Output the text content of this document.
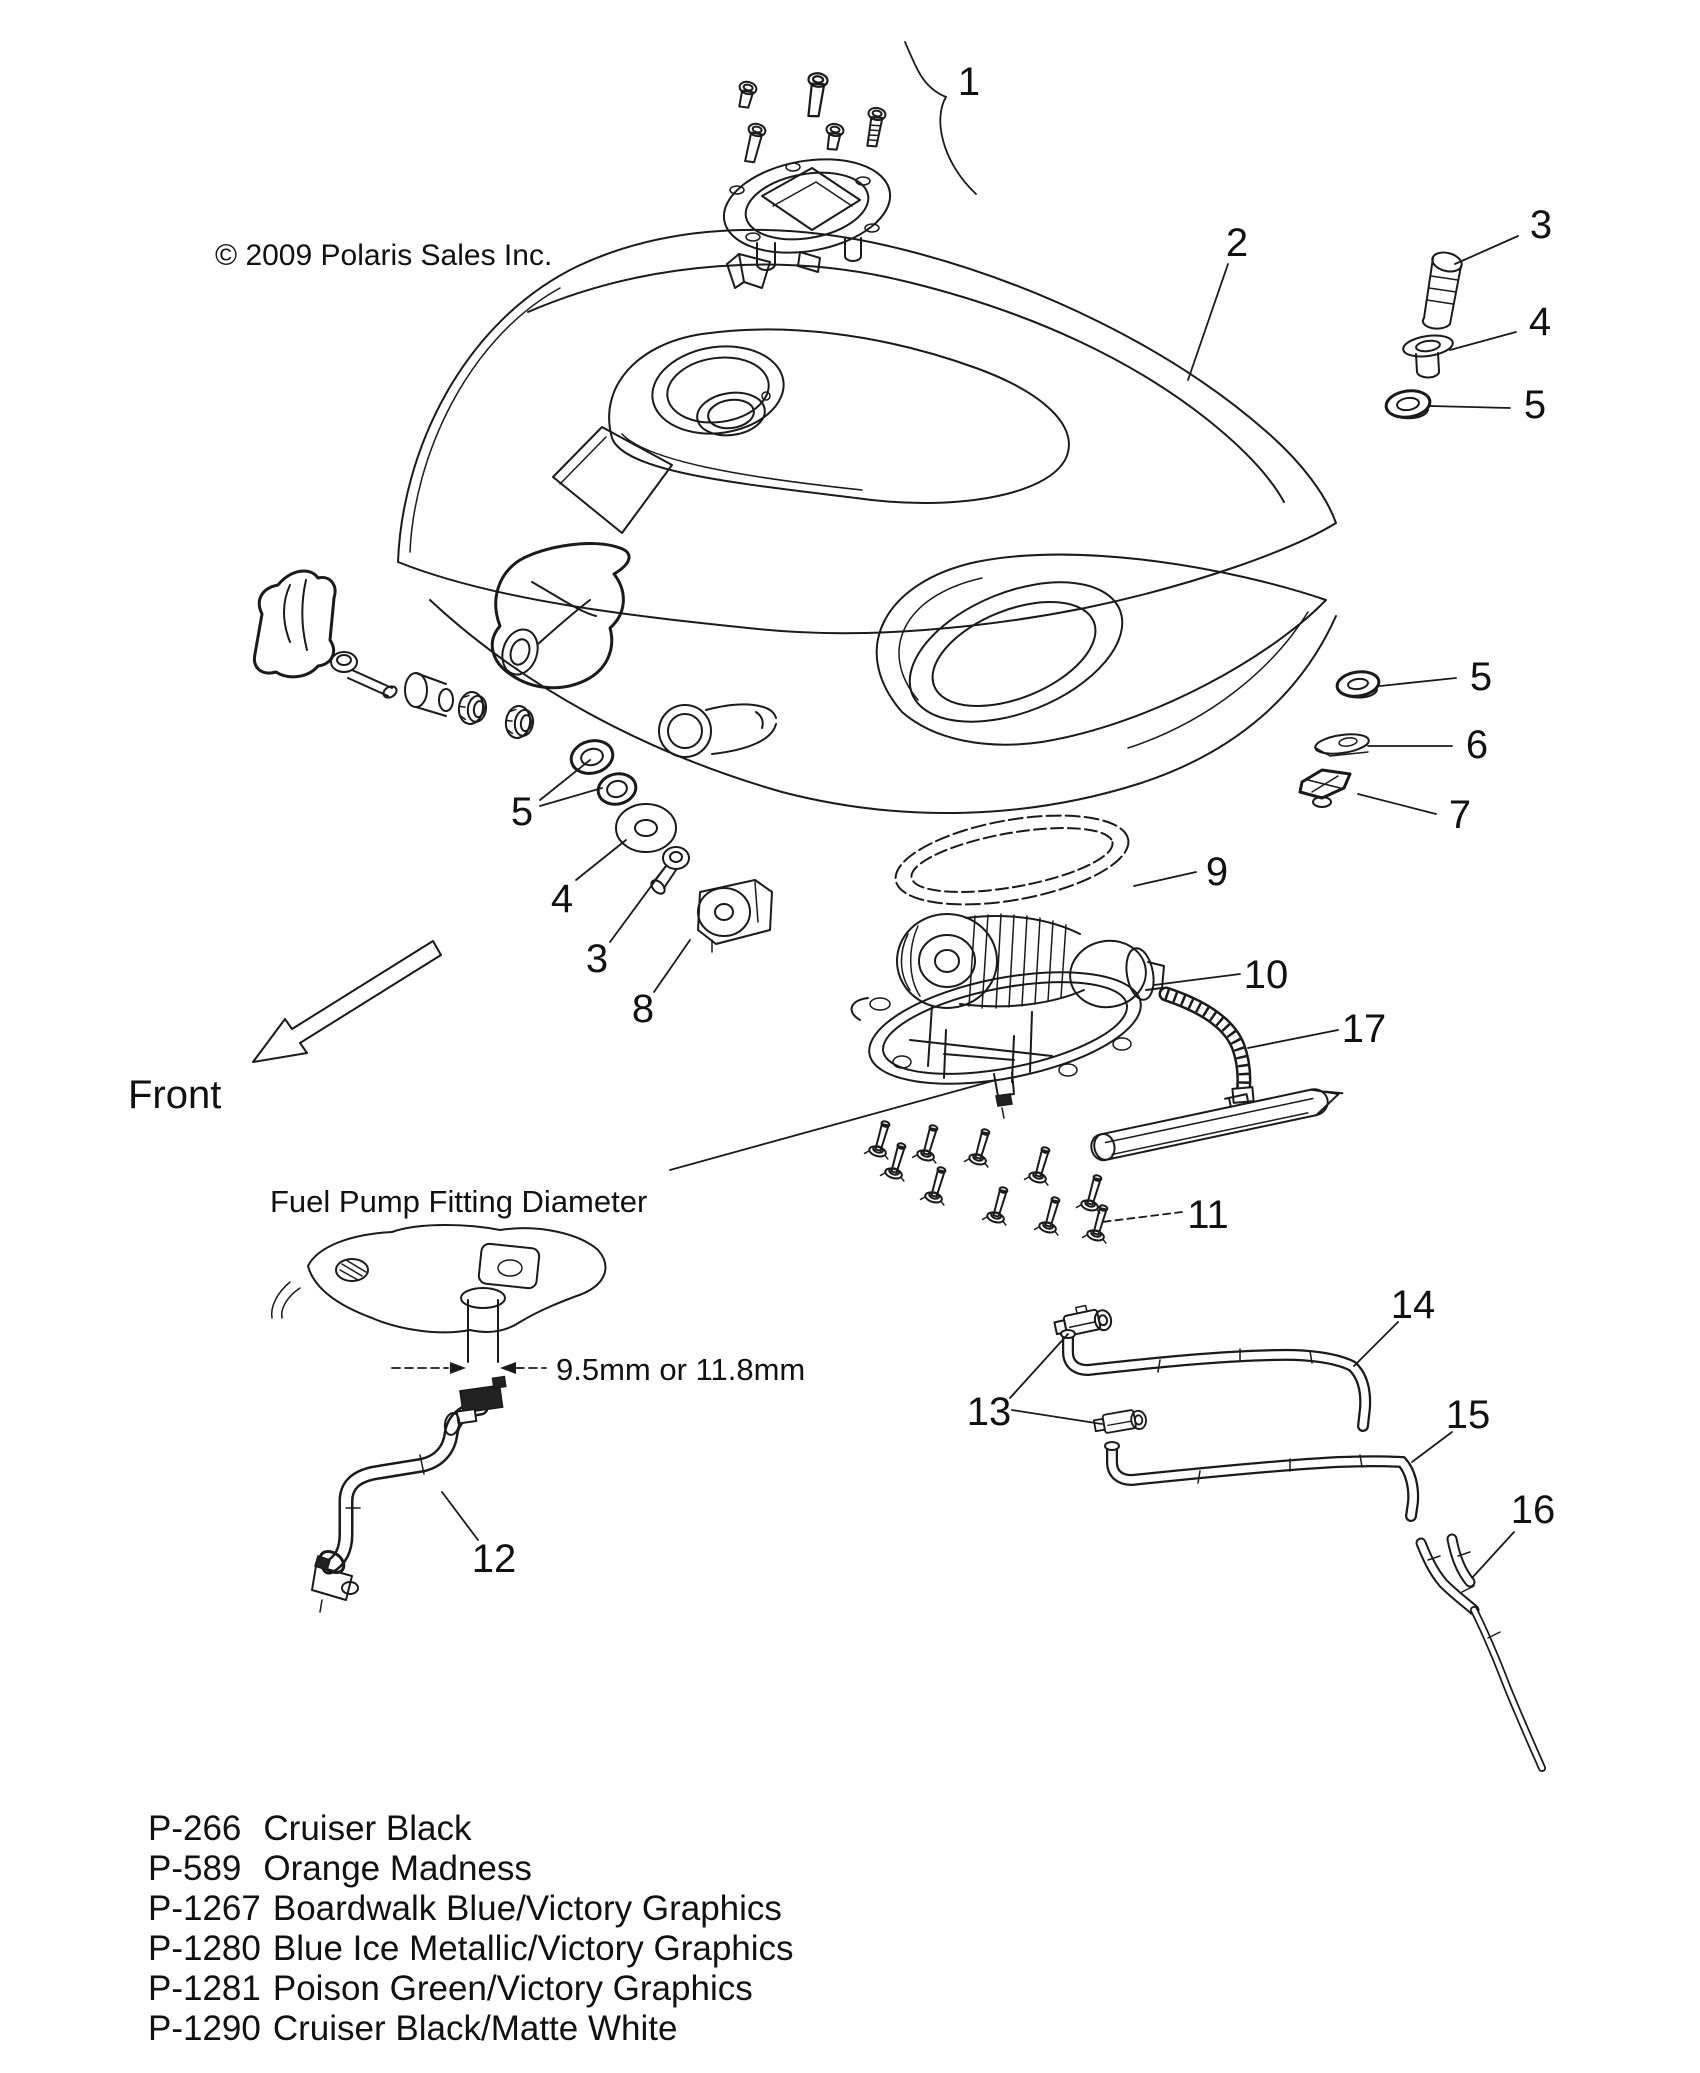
1
2	3
4
5
5
6
7
9
10
17
11
13
14
15
16
12
5
4
3
8
© 2009 Polaris Sales Inc.
Front
Fuel Pump Fitting Diameter
9.5mm or 11.8mm
P-266 Cruiser Black
P-589 Orange Madness
P-1267 Boardwalk Blue/Victory Graphics
P-1280 Blue Ice Metallic/Victory Graphics
P-1281 Poison Green/Victory Graphics
P-1290 Cruiser Black/Matte White
